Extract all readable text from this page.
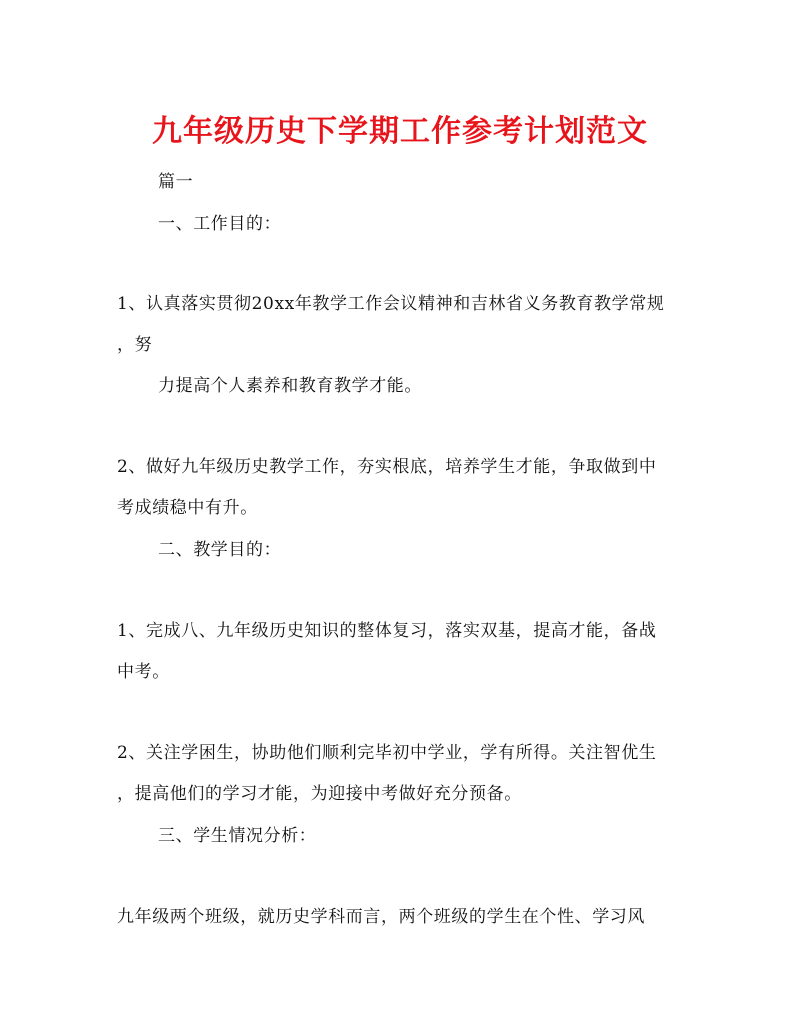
九年级历史下学期工作参考计划范文
篇一
一、工作目的：
1、认真落实贯彻20xx年教学工作会议精神和吉林省义务教育教学常规
，努
力提高个人素养和教育教学才能。
2、做好九年级历史教学工作，夯实根底，培养学生才能，争取做到中
考成绩稳中有升。
二、教学目的：
1、完成八、九年级历史知识的整体复习，落实双基，提高才能，备战
中考。
2、关注学困生，协助他们顺利完毕初中学业，学有所得。关注智优生
，提高他们的学习才能，为迎接中考做好充分预备。
三、学生情况分析：
九年级两个班级，就历史学科而言，两个班级的学生在个性、学习风
